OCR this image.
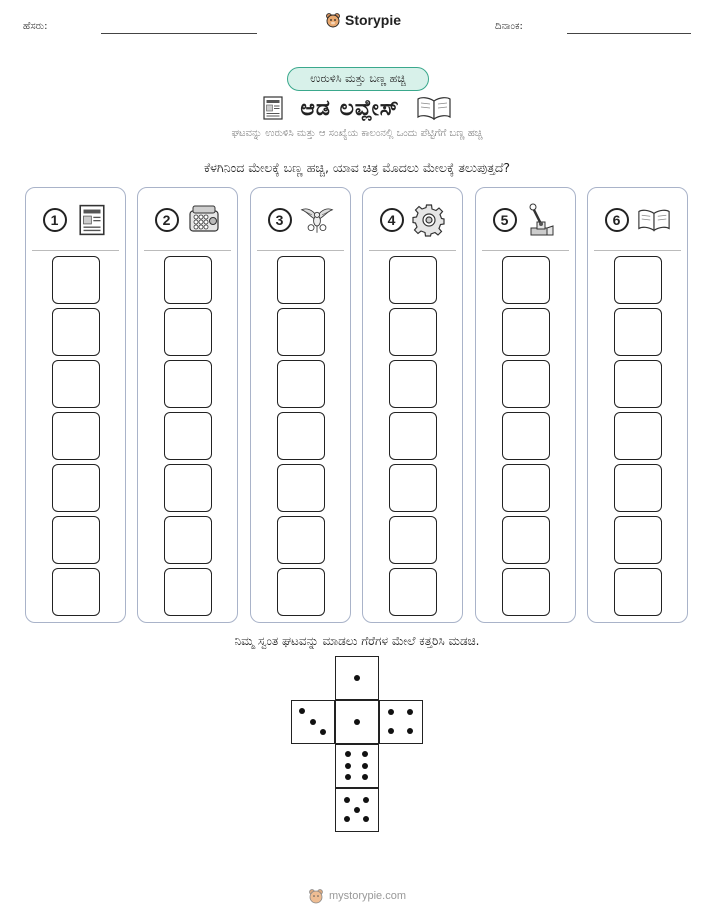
ಹೆಸರು:	Storypie	ದಿನಾಂಕ:
ಉರುಳಿಸಿ ಮತ್ತು ಬಣ್ಣ ಹಚ್ಚಿ
ಆಡ ಲವ್ಲೇಸ್
ಘಟವನ್ನು ಉರುಳಿಸಿ ಮತ್ತು ಆ ಸಂಖ್ಯೆಯ ಕಾಲಂನಲ್ಲಿ ಒಂದು ಪೆಟ್ಟಿಗೆಗೆ ಬಣ್ಣ ಹಚ್ಚಿ
ಕೆಳಗಿನಿಂದ ಮೇಲಕ್ಕೆ ಬಣ್ಣ ಹಚ್ಚಿ, ಯಾವ ಚಿತ್ರ ಮೊದಲು ಮೇಲಕ್ಕೆ ತಲುಪುತ್ತದೆ?
1	2	3	4	5	6
ನಿಮ್ಮ ಸ್ವಂತ ಘಟವನ್ನು ಮಾಡಲು ಗೆರೆಗಳ ಮೇಲೆ ಕತ್ತರಿಸಿ ಮಡಚಿ.
mystorypie.com
